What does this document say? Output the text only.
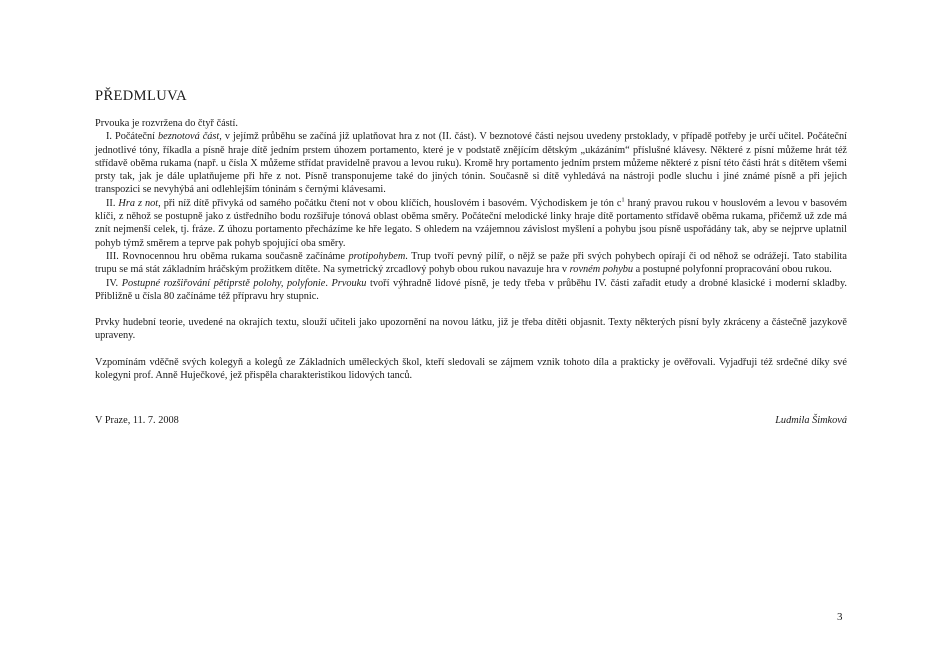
PŘEDMLUVA

Prvouka je rozvržena do čtyř částí.

I. Počáteční beznotová část, v jejímž průběhu se začíná již uplatňovat hra z not (II. část). V beznotové části nejsou uvedeny prstoklady, v případě potřeby je určí učitel. Počáteční jednotlivé tóny, říkadla a písně hraje dítě jedním prstem úhozem portamento, které je v podstatě znějícím dětským „ukázáním“ příslušné klávesy. Některé z písní můžeme hrát též střídavě oběma rukama (např. u čísla X můžeme střídat pravidelně pravou a levou ruku). Kromě hry portamento jedním prstem můžeme některé z písní této části hrát s dítětem všemi prsty tak, jak je dále uplatňujeme při hře z not. Písně transponujeme také do jiných tónin. Současně si dítě vyhledává na nástroji podle sluchu i jiné známé písně a při jejich transpozici se nevyhýbá ani odlehlejším tóninám s černými klávesami.

II. Hra z not, při níž dítě přivyká od samého počátku čtení not v obou klíčích, houslovém i basovém. Východiskem je tón $c^1$ hraný pravou rukou v houslovém a levou v basovém klíči, z něhož se postupně jako z ústředního bodu rozšiřuje tónová oblast oběma směry. Počáteční melodické linky hraje dítě portamento střídavě oběma rukama, přičemž už zde má znít nejmenší celek, tj. fráze. Z úhozu portamento přecházíme ke hře legato. S ohledem na vzájemnou závislost myšlení a pohybu jsou písně uspořádány tak, aby se nejprve uplatnil pohyb týmž směrem a teprve pak pohyb spojující oba směry.

III. Rovnocennou hru oběma rukama současně začínáme protipohybem. Trup tvoří pevný pilíř, o nějž se paže při svých pohybech opírají či od něhož se odrážejí. Tato stabilita trupu se má stát základním hráčským prožitkem dítěte. Na symetrický zrcadlový pohyb obou rukou navazuje hra v rovném pohybu a postupné polyfonní propracování obou rukou.

IV. Postupné rozšiřování pětiprstě polohy, polyfonie. Prvouku tvoří výhradně lidové písně, je tedy třeba v průběhu IV. části zařadit etudy a drobné klasické i moderní skladby. Přibližně u čísla 80 začínáme též přípravu hry stupnic.

Prvky hudební teorie, uvedené na okrajích textu, slouží učiteli jako upozornění na novou látku, již je třeba dítěti objasnit. Texty některých písní byly zkráceny a částečně jazykově upraveny.

Vzpomínám vděčně svých kolegyň a kolegů ze Základních uměleckých škol, kteří sledovali se zájmem vznik tohoto díla a prakticky je ověřovali. Vyjadřuji též srdečné díky své kolegyni prof. Anně Huječkové, jež přispěla charakteristikou lidových tanců.

V Praze, 11. 7. 2008	Ludmila Šimková
3
